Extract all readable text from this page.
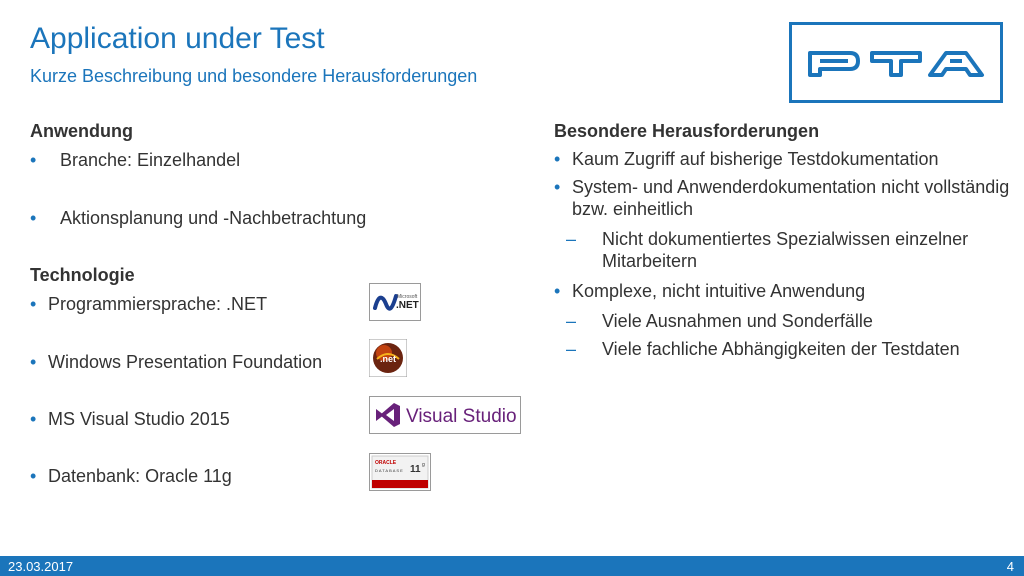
Application under Test
Kurze Beschreibung und besondere Herausforderungen
Anwendung
• Branche: Einzelhandel
• Aktionsplanung und -Nachbetrachtung
Technologie
• Programmiersprache: .NET
• Windows Presentation Foundation
• MS Visual Studio 2015
• Datenbank: Oracle 11g
Microsoft
.NET
.net
Visual Studio
ORACLE
DATABASE 11 g
Besondere Herausforderungen
• Kaum Zugriff auf bisherige Testdokumentation
• System- und Anwenderdokumentation nicht vollständig bzw. einheitlich
– Nicht dokumentiertes Spezialwissen einzelner Mitarbeitern
• Komplexe, nicht intuitive Anwendung
– Viele Ausnahmen und Sonderfälle
– Viele fachliche Abhängigkeiten der Testdaten
23.03.2017	4
